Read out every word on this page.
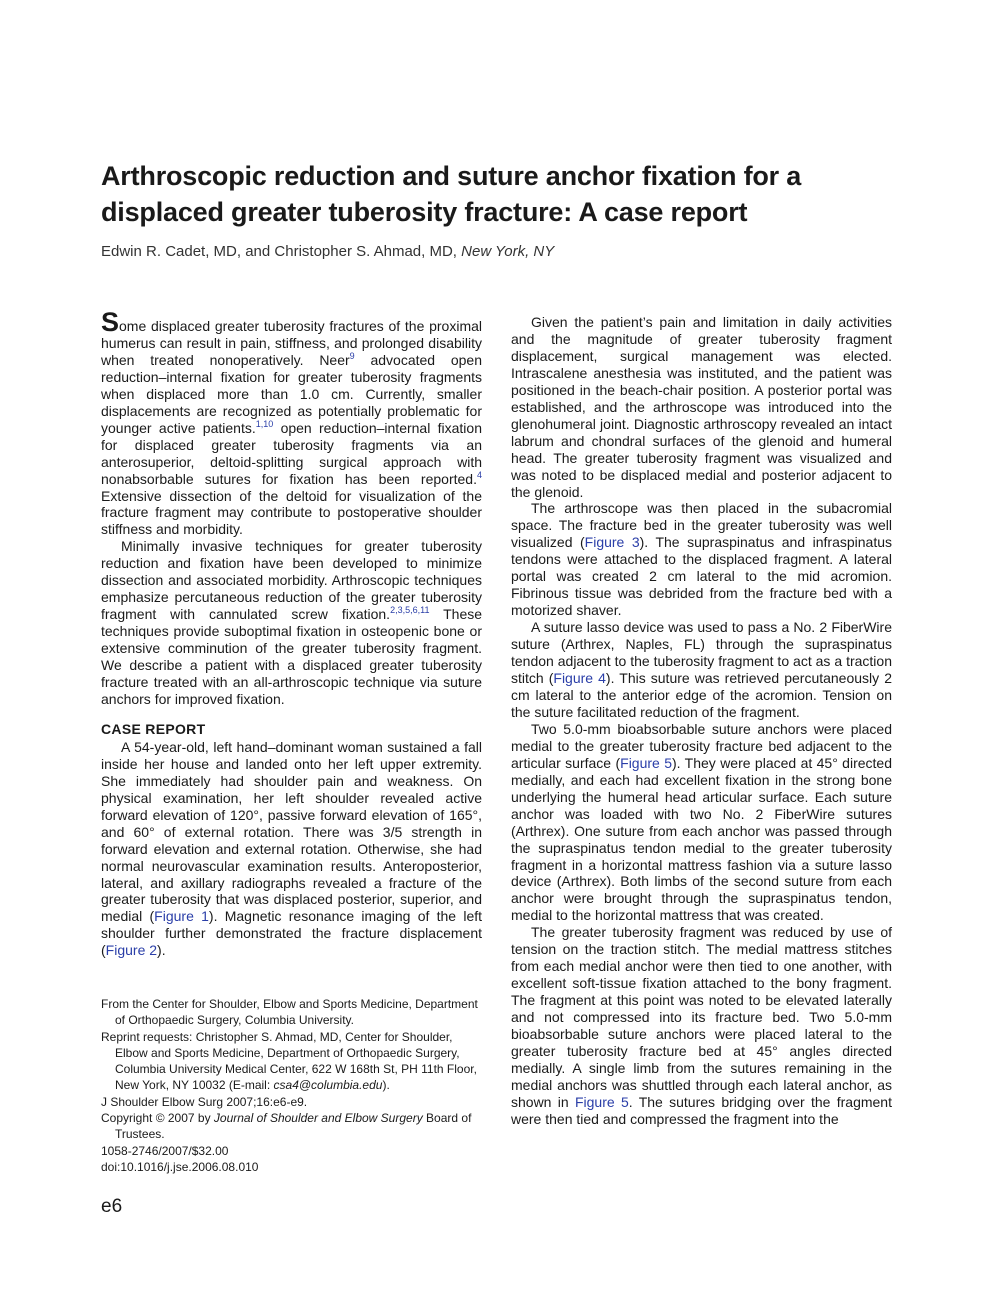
Arthroscopic reduction and suture anchor fixation for a displaced greater tuberosity fracture: A case report
Edwin R. Cadet, MD, and Christopher S. Ahmad, MD, New York, NY

Some displaced greater tuberosity fractures of the proximal humerus can result in pain, stiffness, and prolonged disability when treated nonoperatively. Neer$^9$ advocated open reduction–internal fixation for greater tuberosity fragments when displaced more than 1.0 cm. Currently, smaller displacements are recognized as potentially problematic for younger active patients.$^{1,10}$ open reduction–internal fixation for displaced greater tuberosity fragments via an anterosuperior, deltoid-splitting surgical approach with nonabsorbable sutures for fixation has been reported.$^4$ Extensive dissection of the deltoid for visualization of the fracture fragment may contribute to postoperative shoulder stiffness and morbidity.

Minimally invasive techniques for greater tuberosity reduction and fixation have been developed to minimize dissection and associated morbidity. Arthroscopic techniques emphasize percutaneous reduction of the greater tuberosity fragment with cannulated screw fixation.$^{2,3,5,6,11}$ These techniques provide suboptimal fixation in osteopenic bone or extensive comminution of the greater tuberosity fragment. We describe a patient with a displaced greater tuberosity fracture treated with an all-arthroscopic technique via suture anchors for improved fixation.

CASE REPORT

A 54-year-old, left hand–dominant woman sustained a fall inside her house and landed onto her left upper extremity. She immediately had shoulder pain and weakness. On physical examination, her left shoulder revealed active forward elevation of 120°, passive forward elevation of 165°, and 60° of external rotation. There was 3/5 strength in forward elevation and external rotation. Otherwise, she had normal neurovascular examination results. Anteroposterior, lateral, and axillary radiographs revealed a fracture of the greater tuberosity that was displaced posterior, superior, and medial (Figure 1). Magnetic resonance imaging of the left shoulder further demonstrated the fracture displacement (Figure 2).

Given the patient’s pain and limitation in daily activities and the magnitude of greater tuberosity fragment displacement, surgical management was elected. Intrascalene anesthesia was instituted, and the patient was positioned in the beach-chair position. A posterior portal was established, and the arthroscope was introduced into the glenohumeral joint. Diagnostic arthroscopy revealed an intact labrum and chondral surfaces of the glenoid and humeral head. The greater tuberosity fragment was visualized and was noted to be displaced medial and posterior adjacent to the glenoid.

The arthroscope was then placed in the subacromial space. The fracture bed in the greater tuberosity was well visualized (Figure 3). The supraspinatus and infraspinatus tendons were attached to the displaced fragment. A lateral portal was created 2 cm lateral to the mid acromion. Fibrinous tissue was debrided from the fracture bed with a motorized shaver.

A suture lasso device was used to pass a No. 2 FiberWire suture (Arthrex, Naples, FL) through the supraspinatus tendon adjacent to the tuberosity fragment to act as a traction stitch (Figure 4). This suture was retrieved percutaneously 2 cm lateral to the anterior edge of the acromion. Tension on the suture facilitated reduction of the fragment.

Two 5.0-mm bioabsorbable suture anchors were placed medial to the greater tuberosity fracture bed adjacent to the articular surface (Figure 5). They were placed at 45° directed medially, and each had excellent fixation in the strong bone underlying the humeral head articular surface. Each suture anchor was loaded with two No. 2 FiberWire sutures (Arthrex). One suture from each anchor was passed through the supraspinatus tendon medial to the greater tuberosity fragment in a horizontal mattress fashion via a suture lasso device (Arthrex). Both limbs of the second suture from each anchor were brought through the supraspinatus tendon, medial to the horizontal mattress that was created.

The greater tuberosity fragment was reduced by use of tension on the traction stitch. The medial mattress stitches from each medial anchor were then tied to one another, with excellent soft-tissue fixation attached to the bony fragment. The fragment at this point was noted to be elevated laterally and not compressed into its fracture bed. Two 5.0-mm bioabsorbable suture anchors were placed lateral to the greater tuberosity fracture bed at 45° angles directed medially. A single limb from the sutures remaining in the medial anchors was shuttled through each lateral anchor, as shown in Figure 5. The sutures bridging over the fragment were then tied and compressed the fragment into the

From the Center for Shoulder, Elbow and Sports Medicine, Department of Orthopaedic Surgery, Columbia University.

Reprint requests: Christopher S. Ahmad, MD, Center for Shoulder, Elbow and Sports Medicine, Department of Orthopaedic Surgery, Columbia University Medical Center, 622 W 168th St, PH 11th Floor, New York, NY 10032 (E-mail: csa4@columbia.edu).

J Shoulder Elbow Surg 2007;16:e6-e9.

Copyright © 2007 by Journal of Shoulder and Elbow Surgery Board of Trustees.

1058-2746/2007/$32.00

doi:10.1016/j.jse.2006.08.010

e6
